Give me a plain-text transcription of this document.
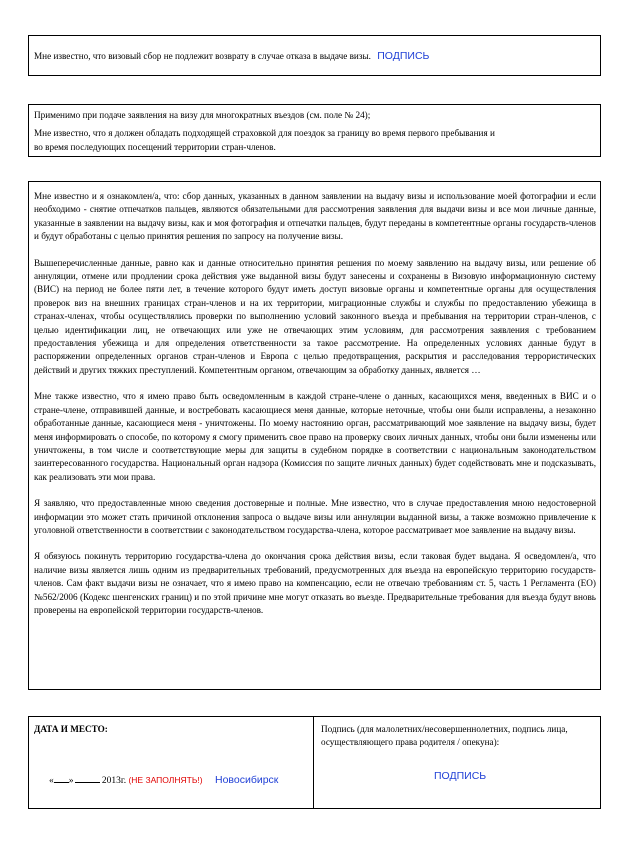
Мне известно, что визовый сбор не подлежит возврату в случае отказа в выдаче визы. ПОДПИСЬ

Применимо при подаче заявления на визу для многократных въездов (см. поле № 24);

Мне известно, что я должен обладать подходящей страховкой для поездок за границу во время первого пребывания и во время последующих посещений территории стран-членов.

Мне известно и я ознакомлен/а, что: сбор данных, указанных в данном заявлении на выдачу визы и использование моей фотографии и если необходимо - снятие отпечатков пальцев, являются обязательными для рассмотрения заявления для выдачи визы и все мои личные данные, указанные в заявлении на выдачу визы, как и моя фотография и отпечатки пальцев, будут переданы в компетентные органы государств-членов и будут обработаны с целью принятия решения по запросу на получение визы.

Вышеперечисленные данные, равно как и данные относительно принятия решения по моему заявлению на выдачу визы, или решение об аннуляции, отмене или продлении срока действия уже выданной визы будут занесены и сохранены в Визовую информационную систему (ВИС) на период не более пяти лет, в течение которого будут иметь доступ визовые органы и компетентные органы для осуществления проверок виз на внешних границах стран-членов и на их территории, миграционные службы и службы по предоставлению убежища в странах-членах, чтобы осуществлялись проверки по выполнению условий законного въезда и пребывания на территории стран-членов, с целью идентификации лиц, не отвечающих или уже не отвечающих этим условиям, для рассмотрения заявления с требованием предоставления убежища и для определения ответственности за такое рассмотрение. На определенных условиях данные будут в распоряжении определенных органов стран-членов и Европа с целью предотвращения, раскрытия и расследования террористических действий и других тяжких преступлений. Компетентным органом, отвечающим за обработку данных, является …

Мне также известно, что я имею право быть осведомленным в каждой стране-члене о данных, касающихся меня, введенных в ВИС и о стране-члене, отправившей данные, и востребовать касающиеся меня данные, которые неточные, чтобы они были исправлены, а незаконно обработанные данные, касающиеся меня - уничтожены. По моему настоянию орган, рассматривающий мое заявление на выдачу визы, будет меня информировать о способе, по которому я смогу применить свое право на проверку своих личных данных, чтобы они были изменены или уничтожены, в том числе и соответствующие меры для защиты в судебном порядке в соответствии с национальным законодательством заинтересованного государства. Национальный орган надзора (Комиссия по защите личных данных) будет содействовать мне и подсказывать, как реализовать эти мои права.

Я заявляю, что предоставленные мною сведения достоверные и полные. Мне известно, что в случае предоставления мною недостоверной информации это может стать причиной отклонения запроса о выдаче визы или аннуляции выданной визы, а также возможно привлечение к уголовной ответственности в соответствии с законодательством государства-члена, которое рассматривает мое заявление на выдачу визы.

Я обязуюсь покинуть территорию государства-члена до окончания срока действия визы, если таковая будет выдана. Я осведомлен/а, что наличие визы является лишь одним из предварительных требований, предусмотренных для въезда на европейскую территорию государств-членов. Сам факт выдачи визы не означает, что я имею право на компенсацию, если не отвечаю требованиям ст. 5, часть 1 Регламента (ЕО) №562/2006 (Кодекс шенгенских границ) и по этой причине мне могут отказать во въезде. Предварительные требования для въезда будут вновь проверены на европейской территории государств-членов.

ДАТА И МЕСТО:
« »	2013г. (НЕ ЗАПОЛНЯТЬ!) Новосибирск
Подпись (для малолетних/несовершеннолетних, подпись лица, осуществляющего права родителя / опекуна):
ПОДПИСЬ
